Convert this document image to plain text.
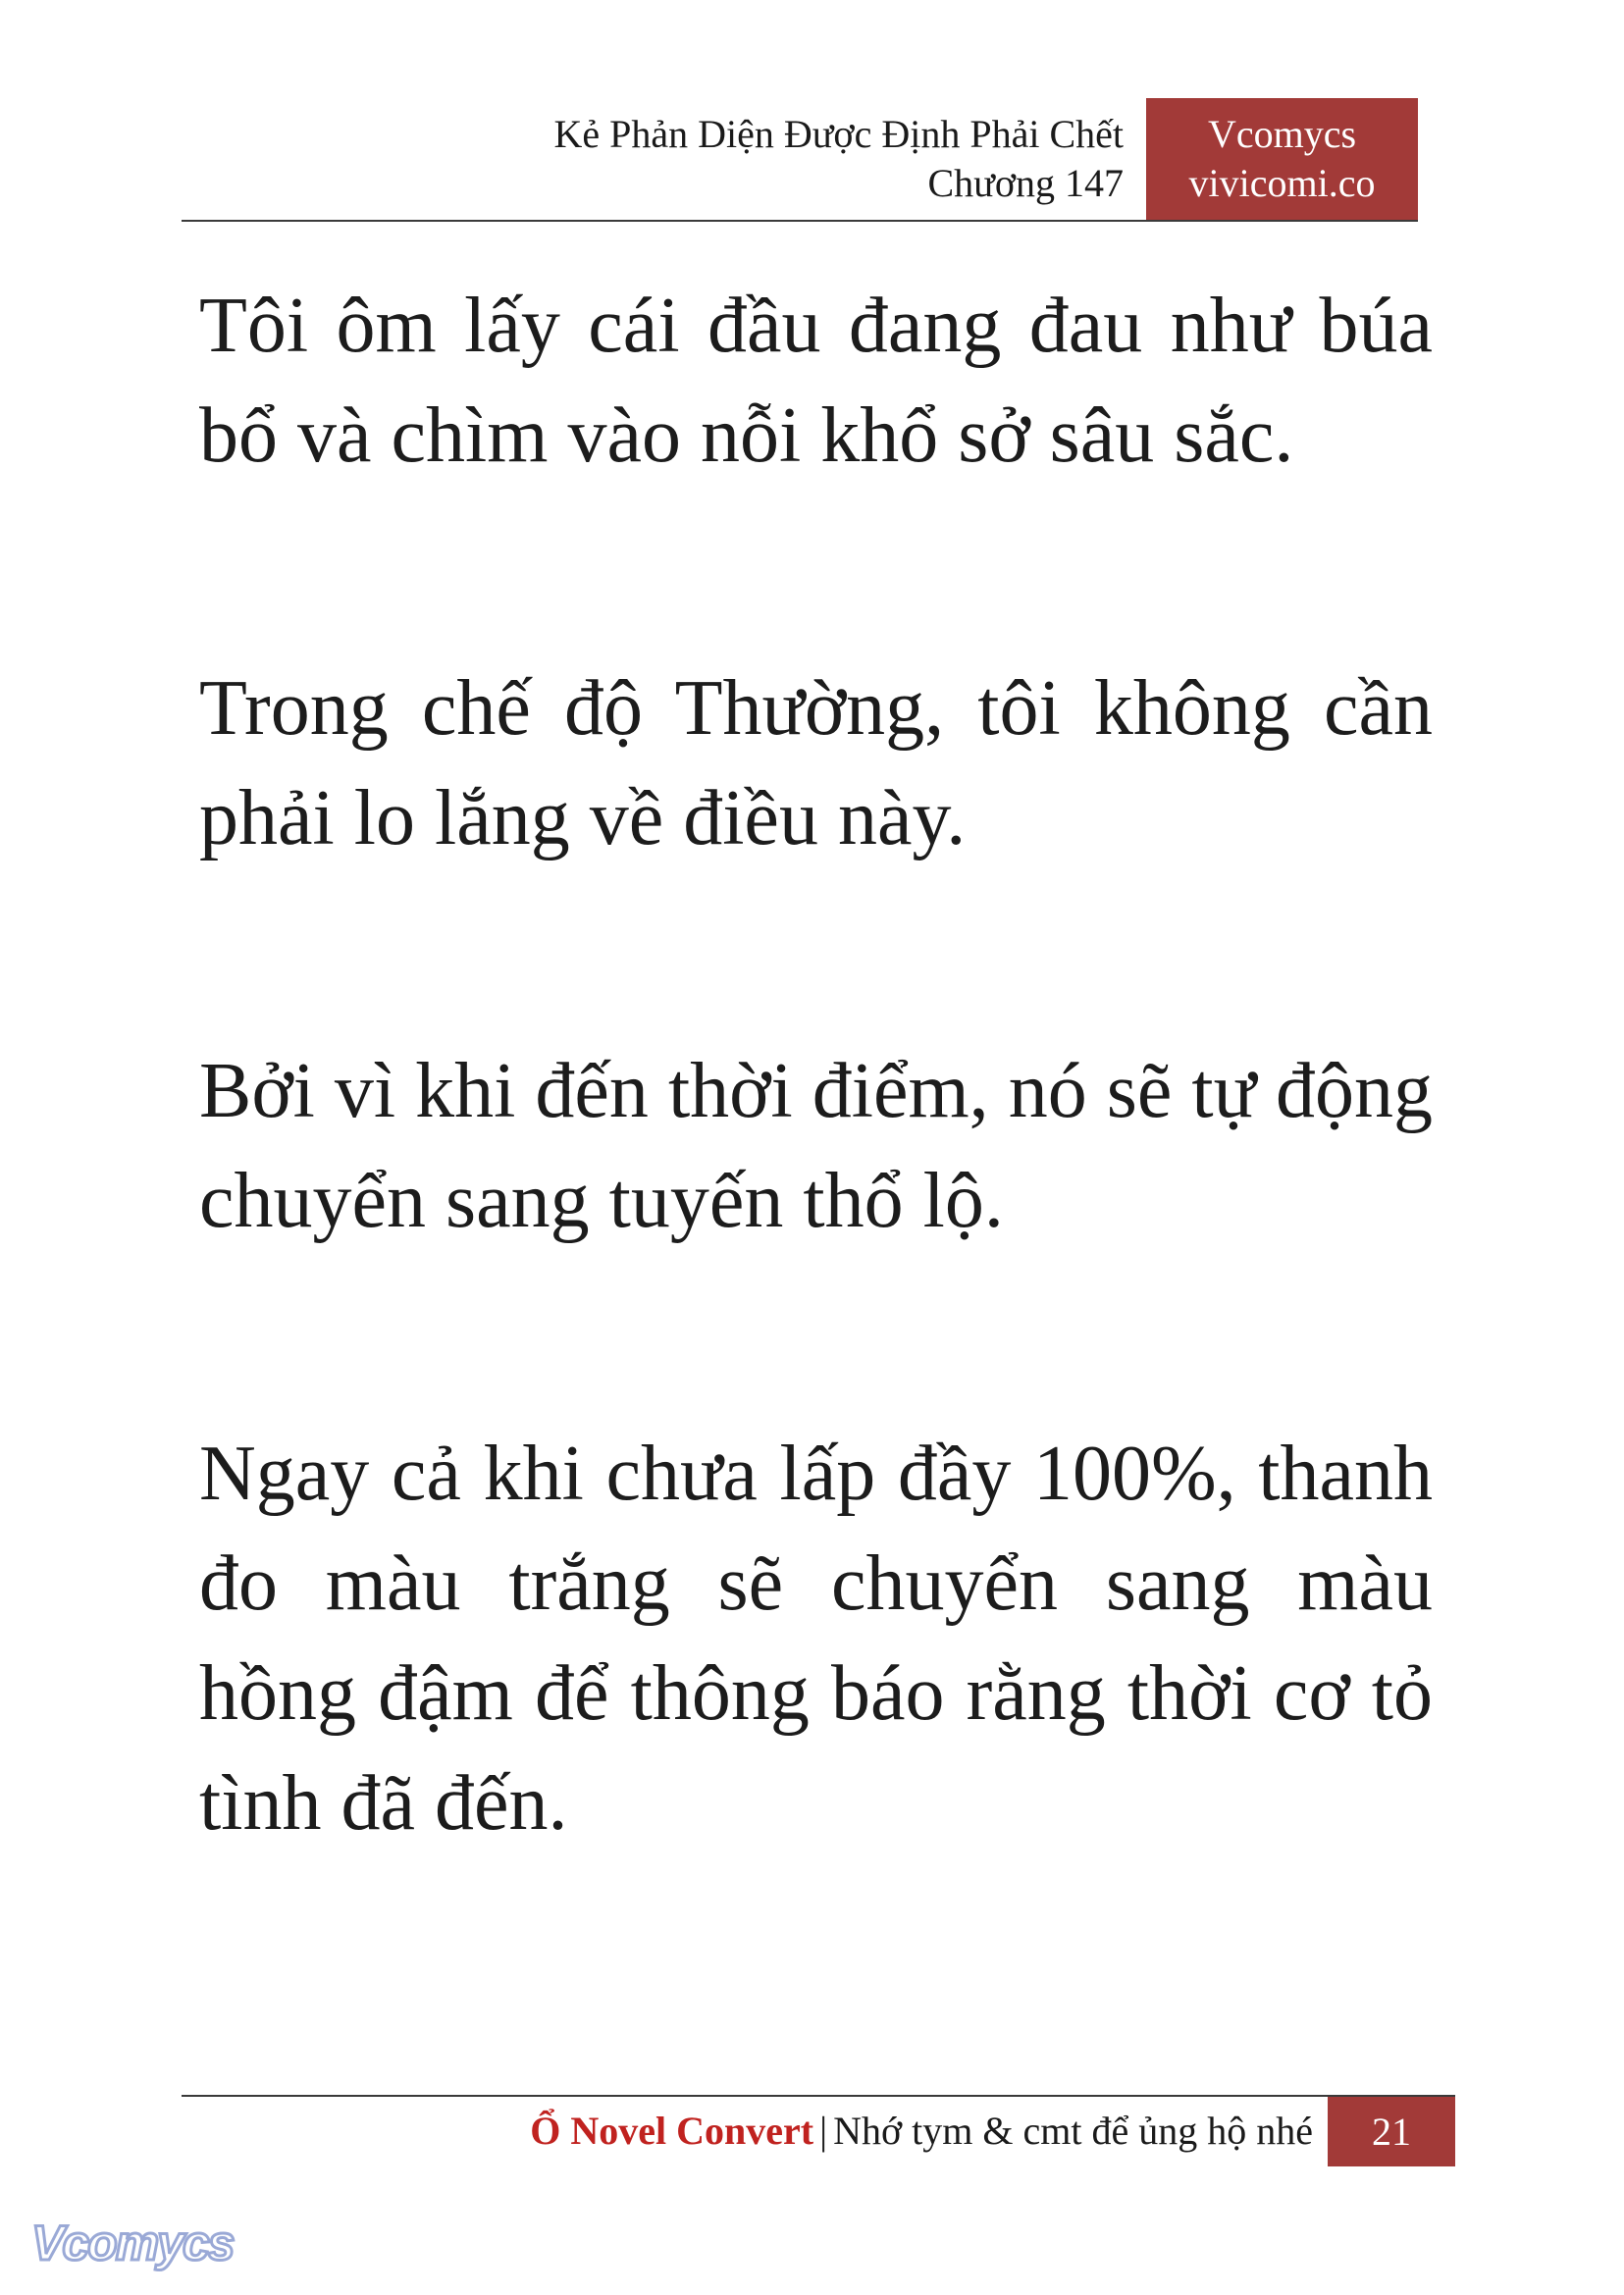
Kẻ Phản Diện Được Định Phải Chết
Chương 147
Vcomycs
vivicomi.co

Tôi ôm lấy cái đầu đang đau như búa bổ và chìm vào nỗi khổ sở sâu sắc.

Trong chế độ Thường, tôi không cần phải lo lắng về điều này.

Bởi vì khi đến thời điểm, nó sẽ tự động chuyển sang tuyến thổ lộ.

Ngay cả khi chưa lấp đầy 100%, thanh đo màu trắng sẽ chuyển sang màu hồng đậm để thông báo rằng thời cơ tỏ tình đã đến.

Ổ Novel Convert | Nhớ tym & cmt để ủng hộ nhé	21
Vcomycs
